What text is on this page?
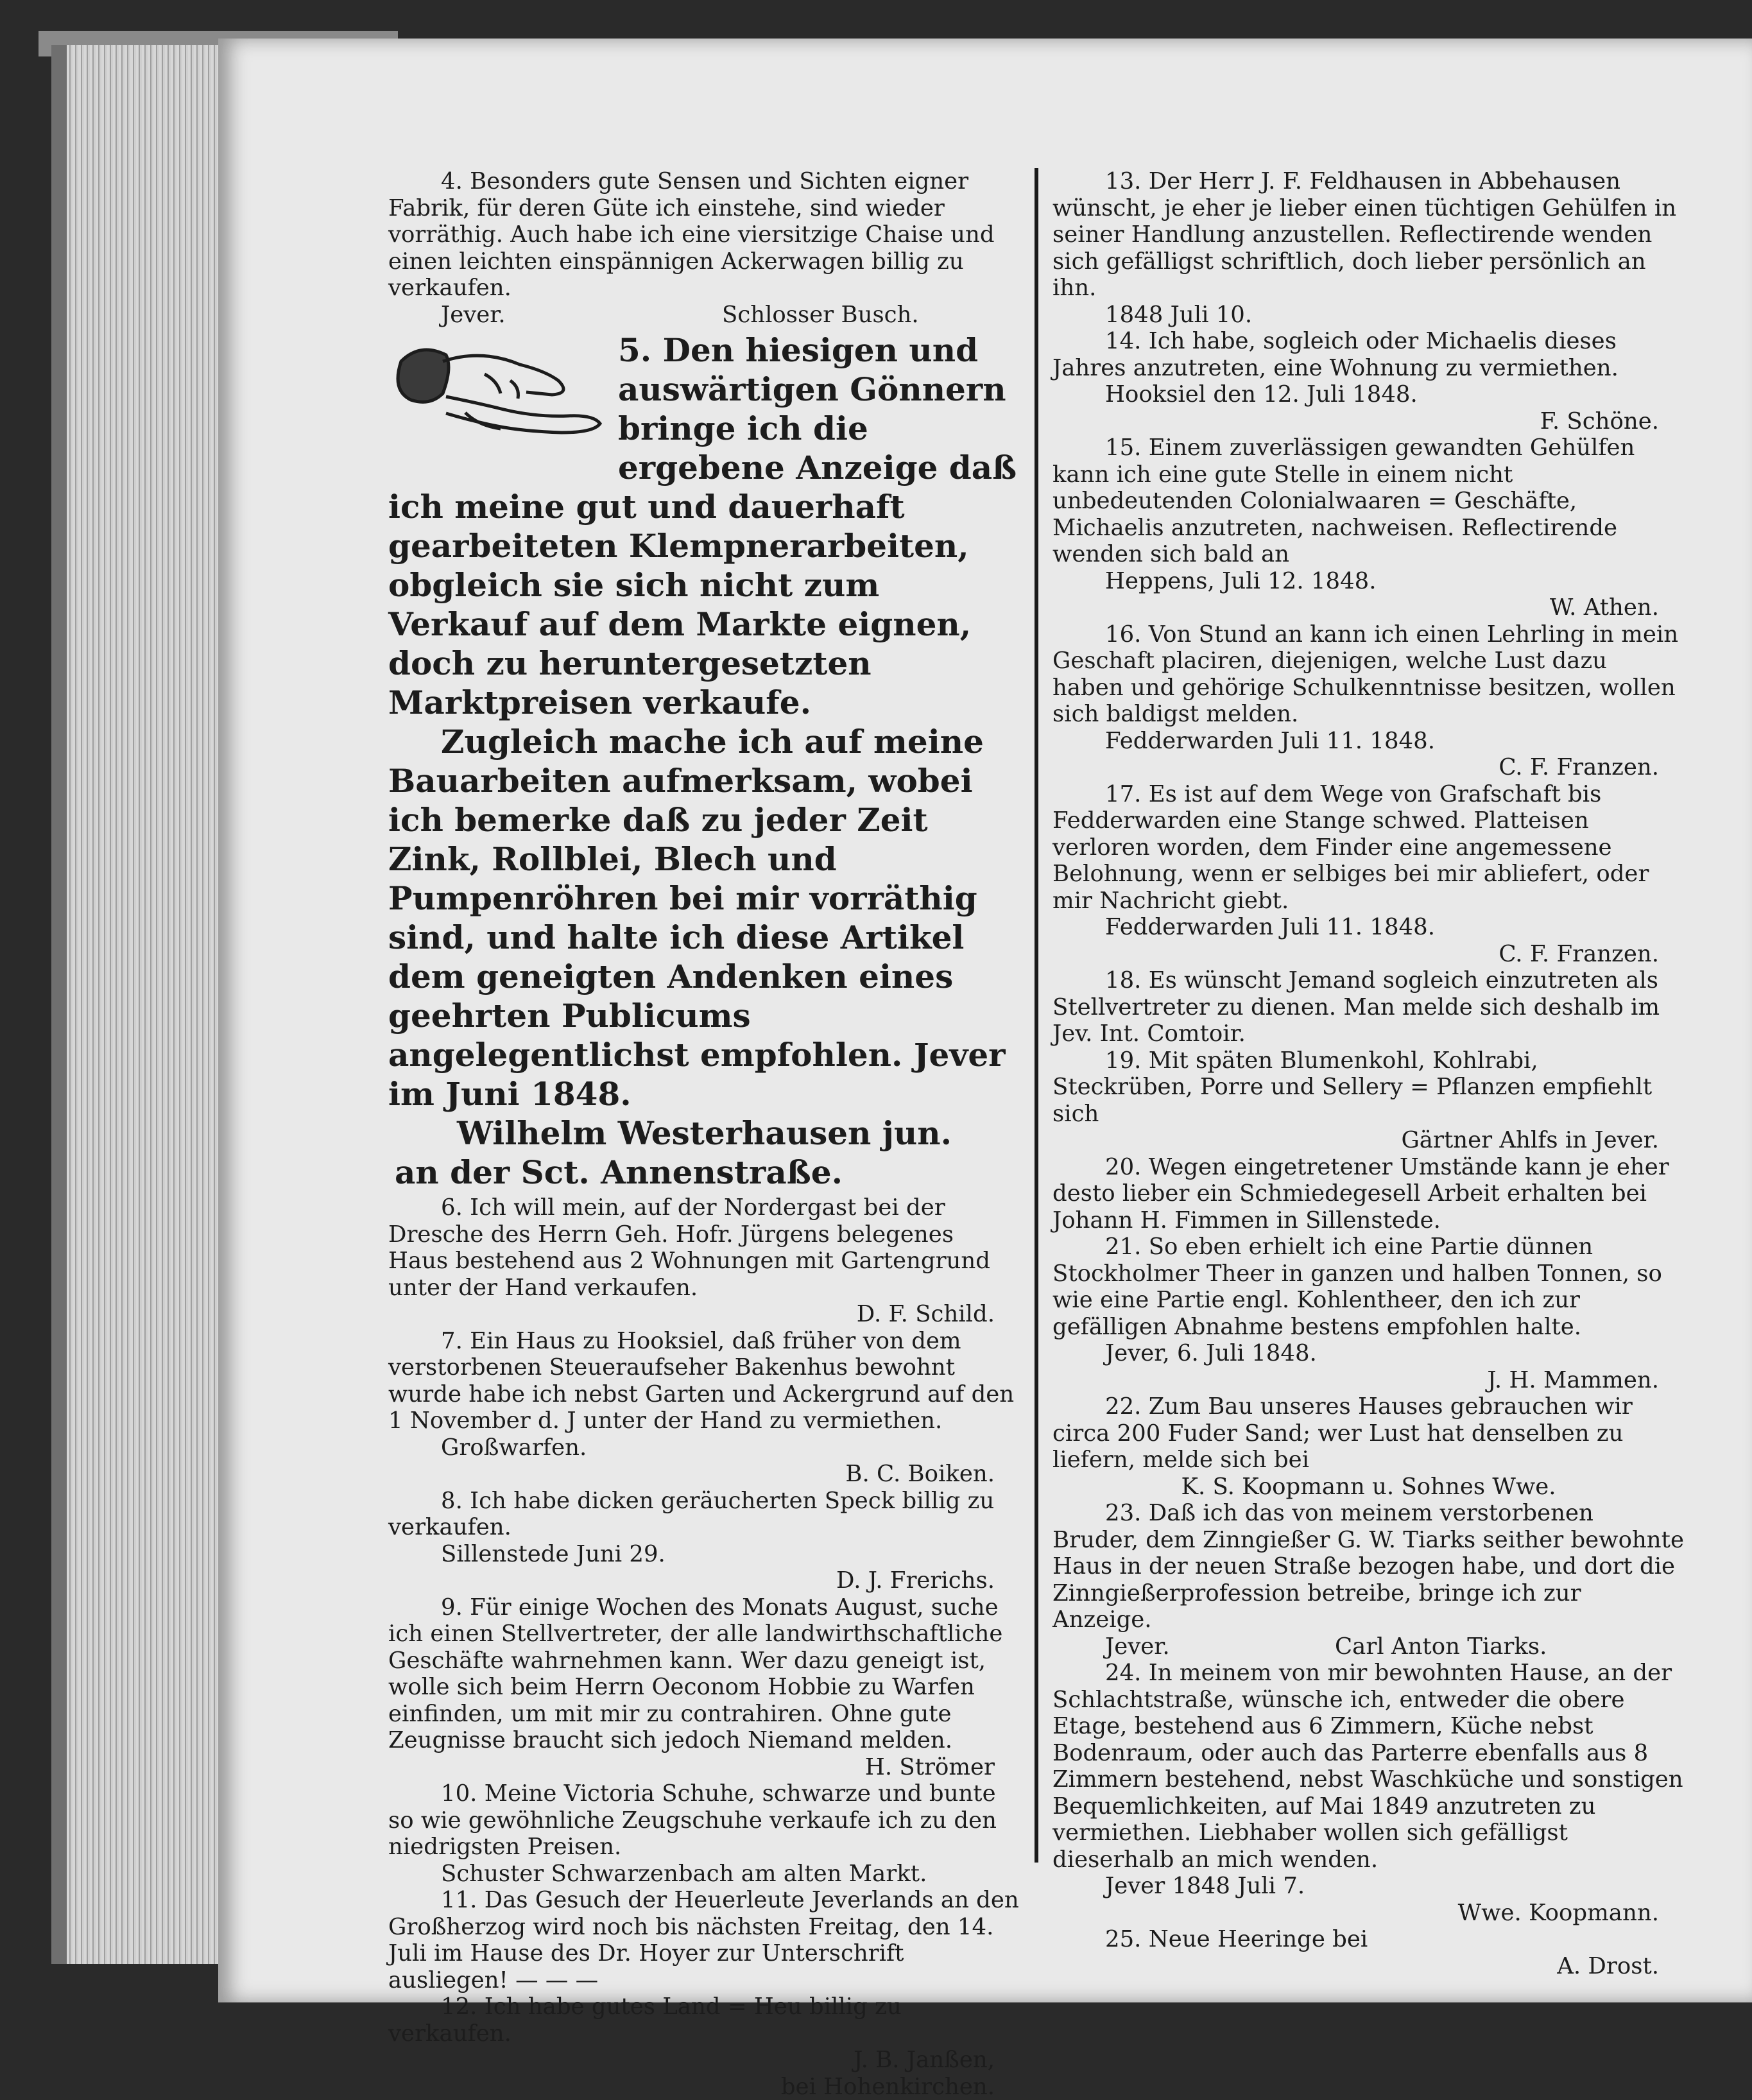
4. Besonders gute Sensen und Sichten eigner Fabrik, für deren Güte ich einstehe, sind wieder vorräthig. Auch habe ich eine viersitzige Chaise und einen leichten einspännigen Ackerwagen billig zu verkaufen.

Jever.	Schlosser Busch.

5. Den hiesigen und auswärtigen Gönnern bringe ich die ergebene Anzeige daß ich meine gut und dauerhaft gearbeiteten Klempnerarbeiten, obgleich sie sich nicht zum Verkauf auf dem Markte eignen, doch zu heruntergesetzten Marktpreisen verkaufe.

Zugleich mache ich auf meine Bauarbeiten aufmerksam, wobei ich bemerke daß zu jeder Zeit Zink, Rollblei, Blech und Pumpenröhren bei mir vorräthig sind, und halte ich diese Artikel dem geneigten Andenken eines geehrten Publicums angelegentlichst empfohlen. Jever im Juni 1848.

Wilhelm Westerhausen jun.

an der Sct. Annenstraße.

6. Ich will mein, auf der Nordergast bei der Dresche des Herrn Geh. Hofr. Jürgens belegenes Haus bestehend aus 2 Wohnungen mit Gartengrund unter der Hand verkaufen.

D. F. Schild.

7. Ein Haus zu Hooksiel, daß früher von dem verstorbenen Steueraufseher Bakenhus bewohnt wurde habe ich nebst Garten und Ackergrund auf den 1 November d. J unter der Hand zu vermiethen.

Großwarfen.

B. C. Boiken.

8. Ich habe dicken geräucherten Speck billig zu verkaufen.

Sillenstede Juni 29.

D. J. Frerichs.

9. Für einige Wochen des Monats August, suche ich einen Stellvertreter, der alle landwirthschaftliche Geschäfte wahrnehmen kann. Wer dazu geneigt ist, wolle sich beim Herrn Oeconom Hobbie zu Warfen einfinden, um mit mir zu contrahiren. Ohne gute Zeugnisse braucht sich jedoch Niemand melden.

H. Strömer

10. Meine Victoria Schuhe, schwarze und bunte so wie gewöhnliche Zeugschuhe verkaufe ich zu den niedrigsten Preisen.

Schuster Schwarzenbach am alten Markt.

11. Das Gesuch der Heuerleute Jeverlands an den Großherzog wird noch bis nächsten Freitag, den 14. Juli im Hause des Dr. Hoyer zur Unterschrift ausliegen! — — —

12. Ich habe gutes Land = Heu billig zu verkaufen.

J. B. Janßen,

bei Hohenkirchen.

13. Der Herr J. F. Feldhausen in Abbehausen wünscht, je eher je lieber einen tüchtigen Gehülfen in seiner Handlung anzustellen. Reflectirende wenden sich gefälligst schriftlich, doch lieber persönlich an ihn.

1848 Juli 10.

14. Ich habe, sogleich oder Michaelis dieses Jahres anzutreten, eine Wohnung zu vermiethen.

Hooksiel den 12. Juli 1848.

F. Schöne.

15. Einem zuverlässigen gewandten Gehülfen kann ich eine gute Stelle in einem nicht unbedeutenden Colonialwaaren = Geschäfte, Michaelis anzutreten, nachweisen. Reflectirende wenden sich bald an

Heppens, Juli 12. 1848.

W. Athen.

16. Von Stund an kann ich einen Lehrling in mein Geschaft placiren, diejenigen, welche Lust dazu haben und gehörige Schulkenntnisse besitzen, wollen sich baldigst melden.

Fedderwarden Juli 11. 1848.

C. F. Franzen.

17. Es ist auf dem Wege von Grafschaft bis Fedderwarden eine Stange schwed. Platteisen verloren worden, dem Finder eine angemessene Belohnung, wenn er selbiges bei mir abliefert, oder mir Nachricht giebt.

Fedderwarden Juli 11. 1848.

C. F. Franzen.

18. Es wünscht Jemand sogleich einzutreten als Stellvertreter zu dienen. Man melde sich deshalb im Jev. Int. Comtoir.

19. Mit späten Blumenkohl, Kohlrabi, Steckrüben, Porre und Sellery = Pflanzen empfiehlt sich

Gärtner Ahlfs in Jever.

20. Wegen eingetretener Umstände kann je eher desto lieber ein Schmiedegesell Arbeit erhalten bei Johann H. Fimmen in Sillenstede.

21. So eben erhielt ich eine Partie dünnen Stockholmer Theer in ganzen und halben Tonnen, so wie eine Partie engl. Kohlentheer, den ich zur gefälligen Abnahme bestens empfohlen halte.

Jever, 6. Juli 1848.

J. H. Mammen.

22. Zum Bau unseres Hauses gebrauchen wir circa 200 Fuder Sand; wer Lust hat denselben zu liefern, melde sich bei

K. S. Koopmann u. Sohnes Wwe.

23. Daß ich das von meinem verstorbenen Bruder, dem Zinngießer G. W. Tiarks seither bewohnte Haus in der neuen Straße bezogen habe, und dort die Zinngießerprofession betreibe, bringe ich zur Anzeige.

Jever.	Carl Anton Tiarks.

24. In meinem von mir bewohnten Hause, an der Schlachtstraße, wünsche ich, entweder die obere Etage, bestehend aus 6 Zimmern, Küche nebst Bodenraum, oder auch das Parterre ebenfalls aus 8 Zimmern bestehend, nebst Waschküche und sonstigen Bequemlichkeiten, auf Mai 1849 anzutreten zu vermiethen. Liebhaber wollen sich gefälligst dieserhalb an mich wenden.

Jever 1848 Juli 7.

Wwe. Koopmann.

25. Neue Heeringe bei

A. Drost.
